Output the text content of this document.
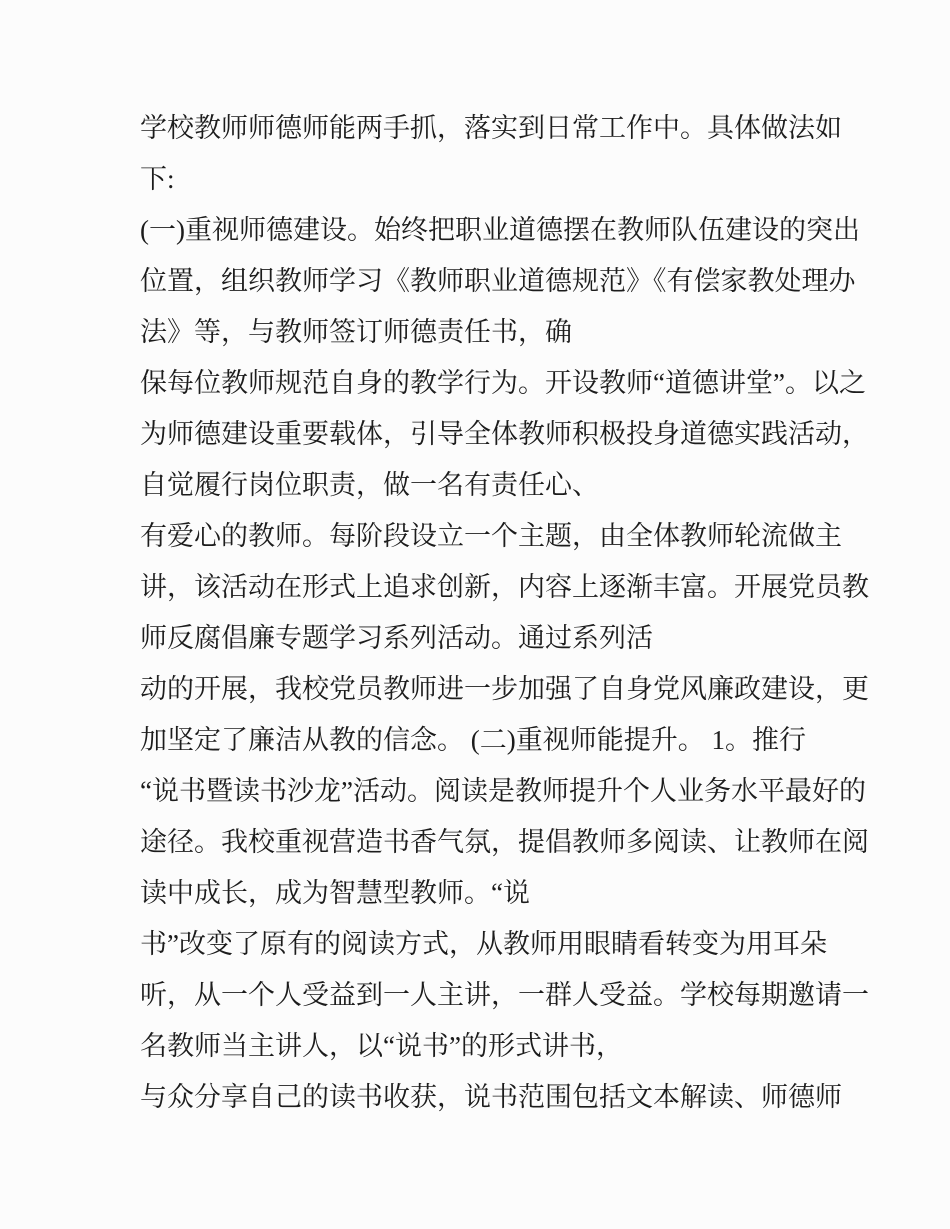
学校教师师德师能两手抓，落实到日常工作中。具体做法如
下:
(一)重视师德建设。始终把职业道德摆在教师队伍建设的突出
位置，组织教师学习《教师职业道德规范》《有偿家教处理办
法》等，与教师签订师德责任书，确
保每位教师规范自身的教学行为。开设教师“道德讲堂”。以之
为师德建设重要载体，引导全体教师积极投身道德实践活动，
自觉履行岗位职责，做一名有责任心、
有爱心的教师。每阶段设立一个主题，由全体教师轮流做主
讲，该活动在形式上追求创新，内容上逐渐丰富。开展党员教
师反腐倡廉专题学习系列活动。通过系列活
动的开展，我校党员教师进一步加强了自身党风廉政建设，更
加坚定了廉洁从教的信念。 (二)重视师能提升。 1。推行
“说书暨读书沙龙”活动。阅读是教师提升个人业务水平最好的
途径。我校重视营造书香气氛，提倡教师多阅读、让教师在阅
读中成长，成为智慧型教师。“说
书”改变了原有的阅读方式，从教师用眼睛看转变为用耳朵
听，从一个人受益到一人主讲，一群人受益。学校每期邀请一
名教师当主讲人，以“说书”的形式讲书，
与众分享自己的读书收获，说书范围包括文本解读、师德师
